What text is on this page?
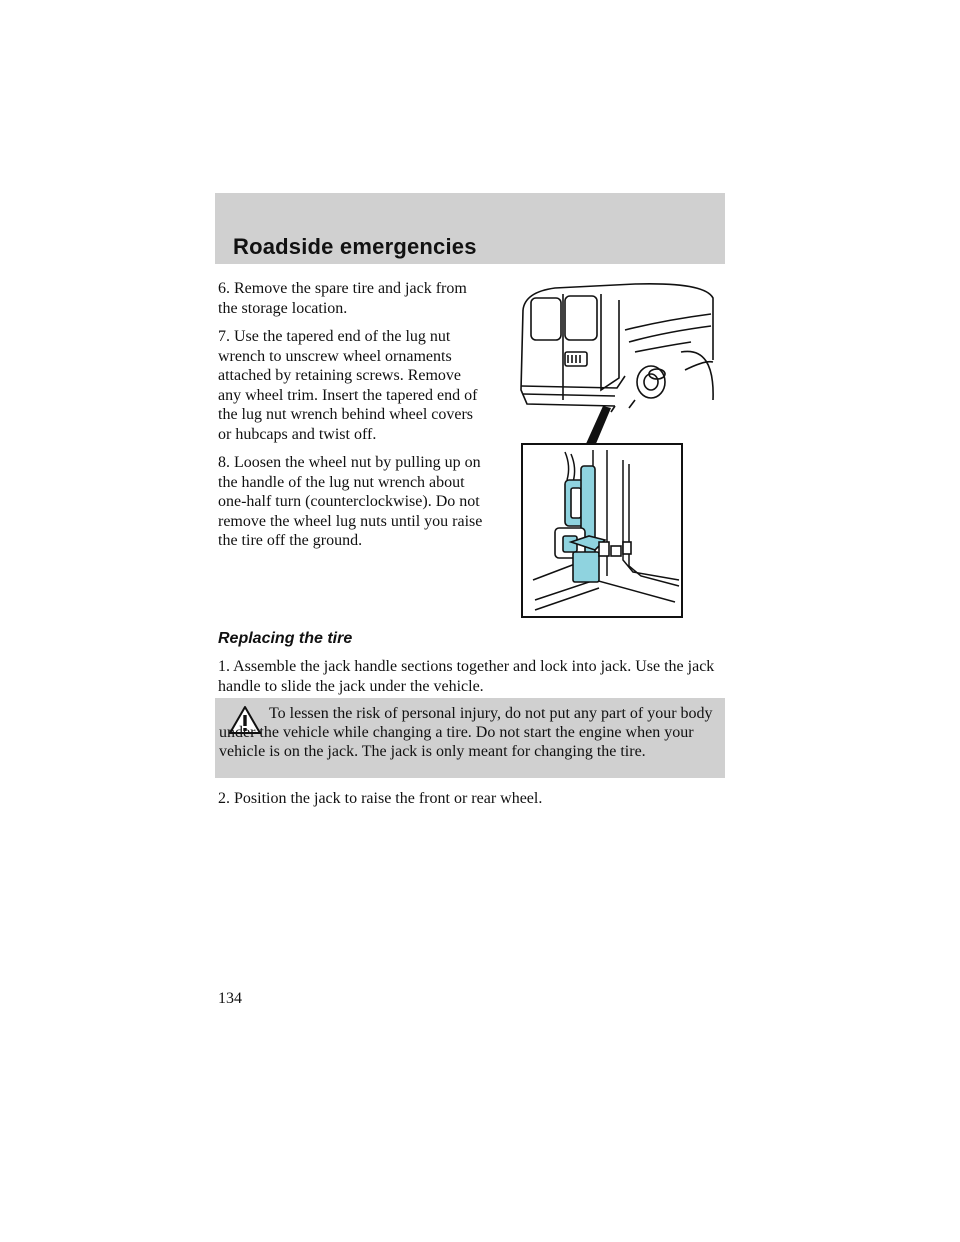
Roadside emergencies

6. Remove the spare tire and jack from the storage location.

7. Use the tapered end of the lug nut wrench to unscrew wheel ornaments attached by retaining screws. Remove any wheel trim. Insert the tapered end of the lug nut wrench behind wheel covers or hubcaps and twist off.

8. Loosen the wheel nut by pulling up on the handle of the lug nut wrench about one-half turn (counterclockwise). Do not remove the wheel lug nuts until you raise the tire off the ground.

Replacing the tire

1. Assemble the jack handle sections together and lock into jack. Use the jack handle to slide the jack under the vehicle.

To lessen the risk of personal injury, do not put any part of your body under the vehicle while changing a tire. Do not start the engine when your vehicle is on the jack. The jack is only meant for changing the tire.

2. Position the jack to raise the front or rear wheel.

134
